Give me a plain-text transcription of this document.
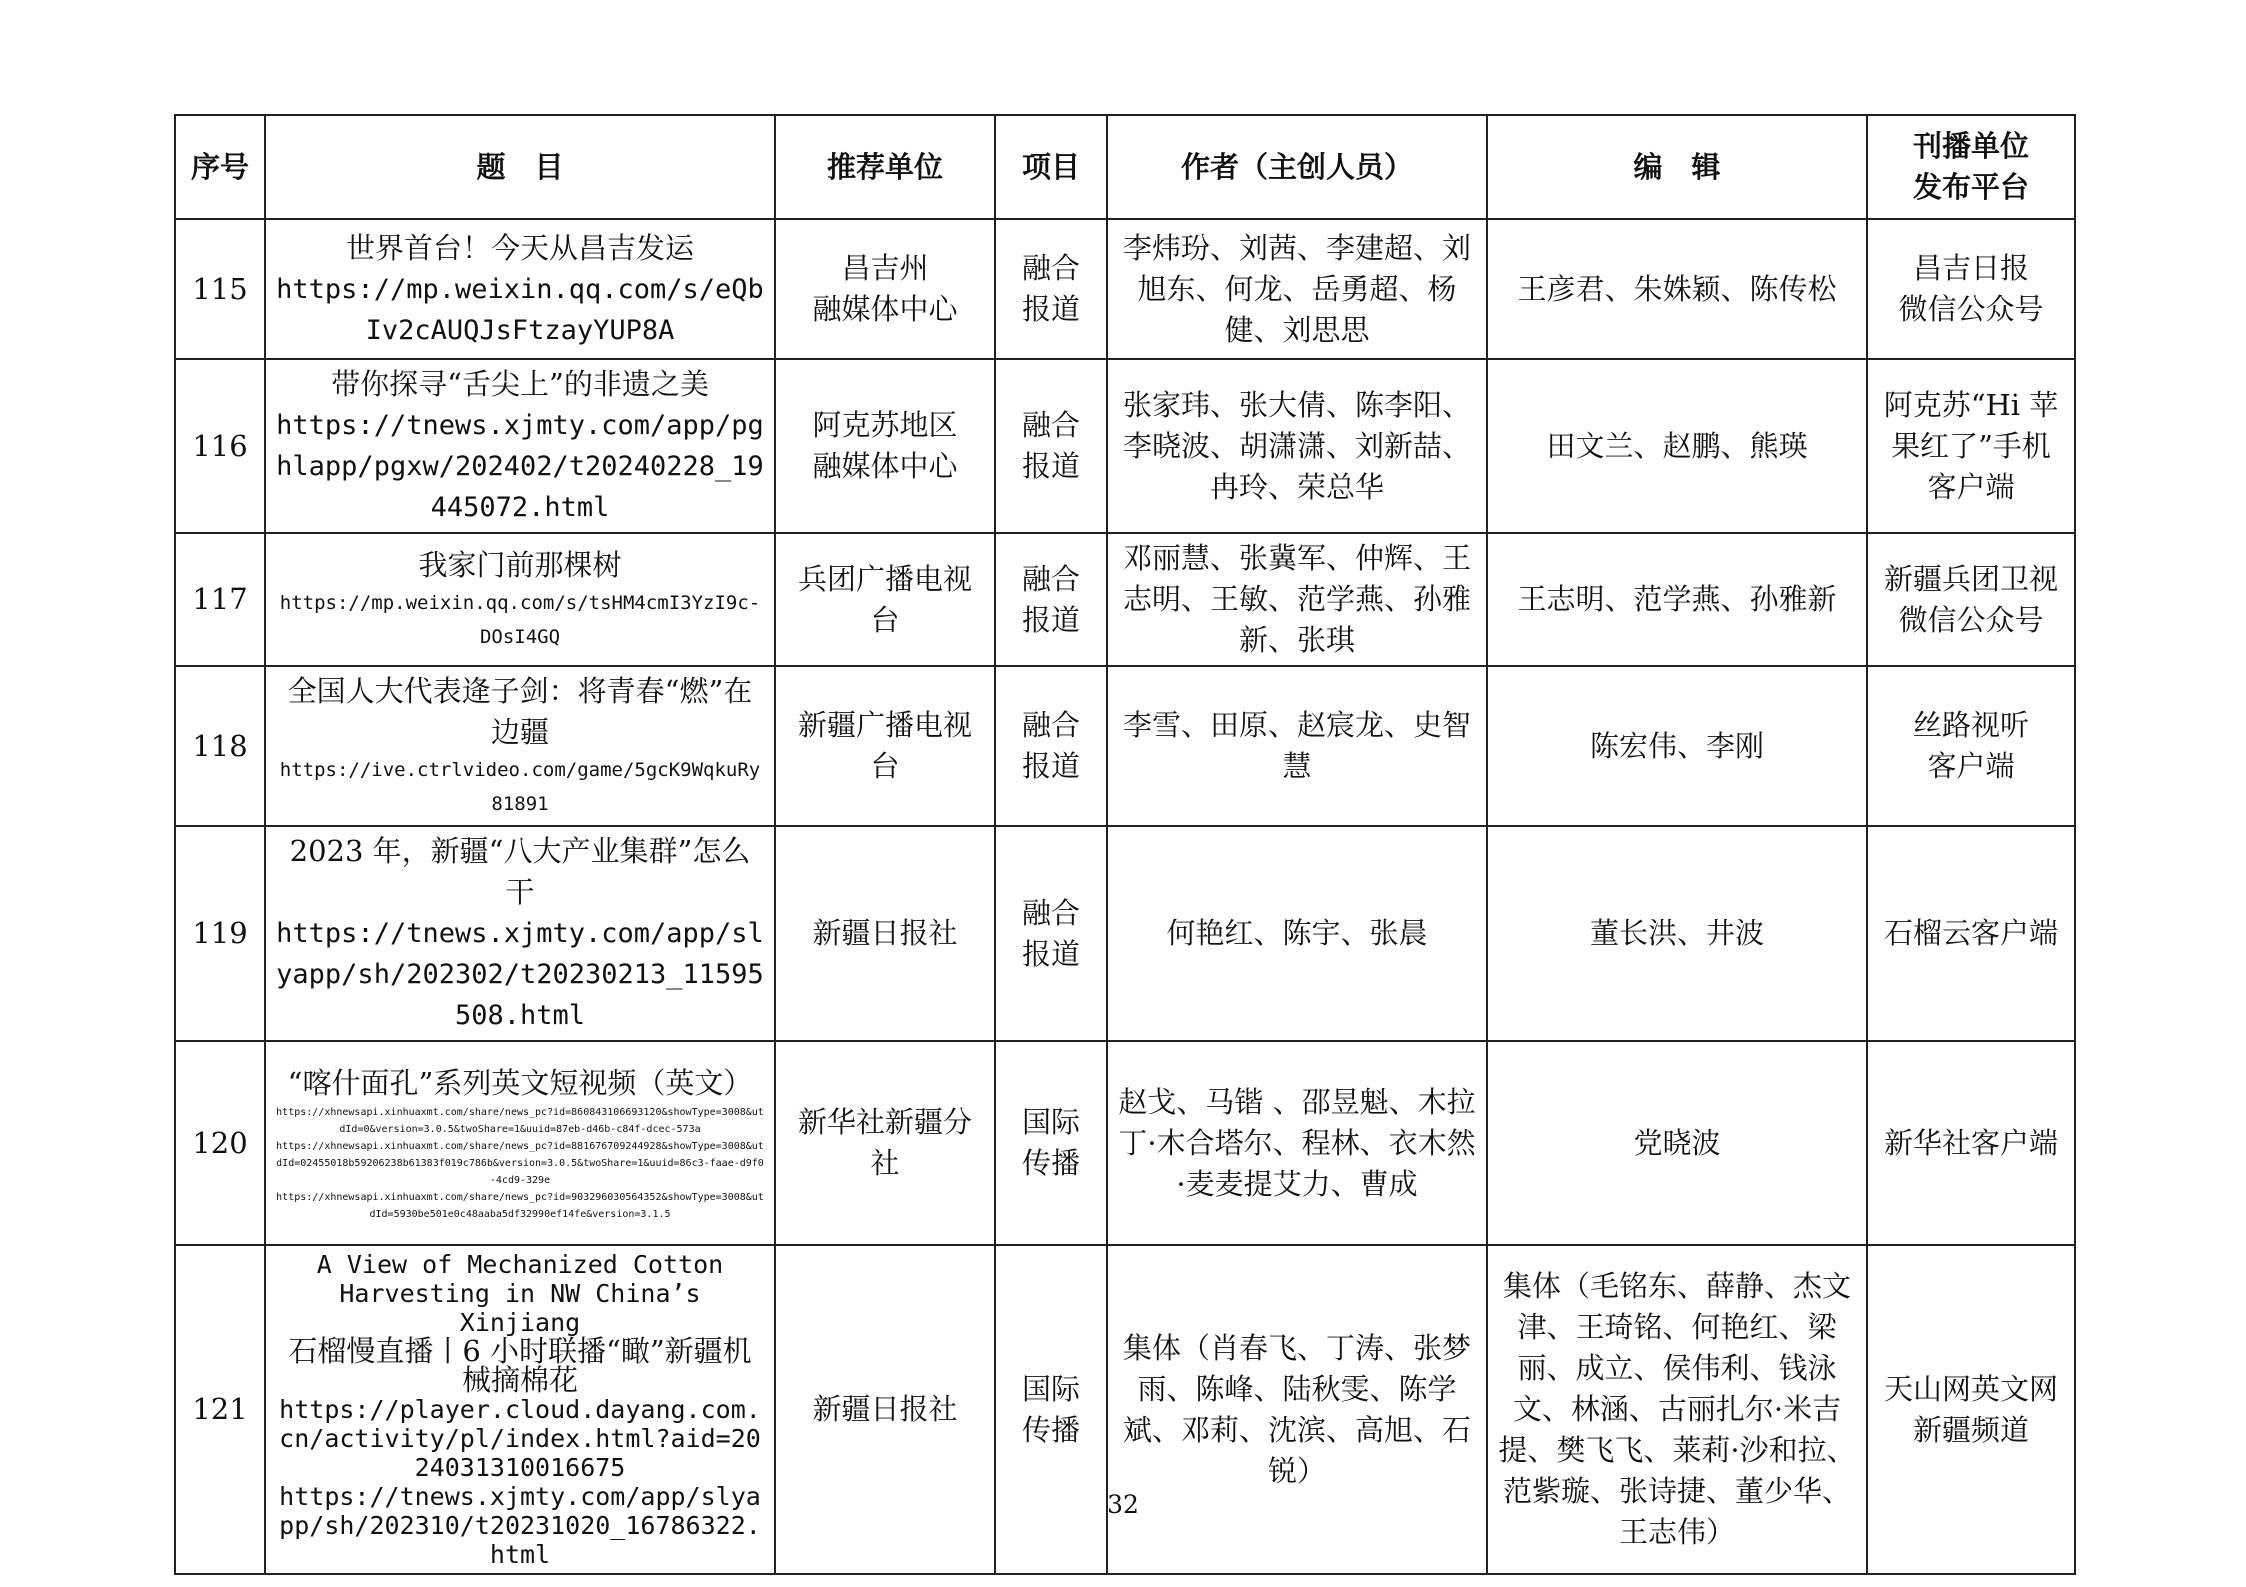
序号	题　目	推荐单位	项目	作者（主创人员）	编　辑	刊播单位
发布平台

115	世界首台！今天从昌吉发运
https://mp.weixin.qq.com/s/eQbIv2cAUQJsFtzayYUP8A	昌吉州
融媒体中心	融合
报道	李炜玢、刘茜、李建超、刘旭东、何龙、岳勇超、杨健、刘思思	王彦君、朱姝颖、陈传松	昌吉日报
微信公众号

116	带你探寻“舌尖上”的非遗之美
https://tnews.xjmty.com/app/pghlapp/pgxw/202402/t20240228_19445072.html	阿克苏地区
融媒体中心	融合
报道	张家玮、张大倩、陈李阳、李晓波、胡潇潇、刘新喆、冉玲、荣总华	田文兰、赵鹏、熊瑛	阿克苏“Hi 苹果红了”手机客户端
117	我家门前那棵树
https://mp.weixin.qq.com/s/tsHM4cmI3YzI9c-DOsI4GQ	兵团广播电视台	融合
报道	邓丽慧、张冀军、仲辉、王志明、王敏、范学燕、孙雅新、张琪	王志明、范学燕、孙雅新	新疆兵团卫视微信公众号
118	全国人大代表逄子剑：将青春“燃”在边疆
https://ive.ctrlvideo.com/game/5gcK9WqkuRy81891	新疆广播电视台	融合
报道	李雪、田原、赵宸龙、史智慧	陈宏伟、李刚	丝路视听
客户端

119	2023 年，新疆“八大产业集群”怎么干
https://tnews.xjmty.com/app/slyapp/sh/202302/t20230213_11595508.html	新疆日报社	融合
报道	何艳红、陈宇、张晨	董长洪、井波	石榴云客户端
120	“喀什面孔”系列英文短视频（英文）
https://xhnewsapi.xinhuaxmt.com/share/news_pc?id=860843106693120&showType=3008&utdId=0&version=3.0.5&twoShare=1&uuid=87eb-d46b-c84f-dcec-573a
https://xhnewsapi.xinhuaxmt.com/share/news_pc?id=881676709244928&showType=3008&utdId=02455018b59206238b61383f019c786b&version=3.0.5&twoShare=1&uuid=86c3-faae-d9f0-4cd9-329e
https://xhnewsapi.xinhuaxmt.com/share/news_pc?id=903296030564352&showType=3008&utdId=5930be501e0c48aaba5df32990ef14fe&version=3.1.5	新华社新疆分社	国际
传播	赵戈、马锴 、邵昱魁、木拉丁·木合塔尔、程林、衣木然·麦麦提艾力、曹成	党晓波	新华社客户端
121	A View of Mechanized Cotton Harvesting in NW China’s Xinjiang
石榴慢直播丨6 小时联播“瞰”新疆机械摘棉花
https://player.cloud.dayang.com.cn/activity/pl/index.html?aid=2024031310016675
https://tnews.xjmty.com/app/slyapp/sh/202310/t20231020_16786322.html	新疆日报社	国际
传播	集体（肖春飞、丁涛、张梦雨、陈峰、陆秋雯、陈学斌、邓莉、沈滨、高旭、石锐）	集体（毛铭东、薛静、杰文津、王琦铭、何艳红、梁丽、成立、侯伟利、钱泳文、林涵、古丽扎尔·米吉提、樊飞飞、莱莉·沙和拉、范紫璇、张诗捷、董少华、王志伟）	天山网英文网
新疆频道
32
